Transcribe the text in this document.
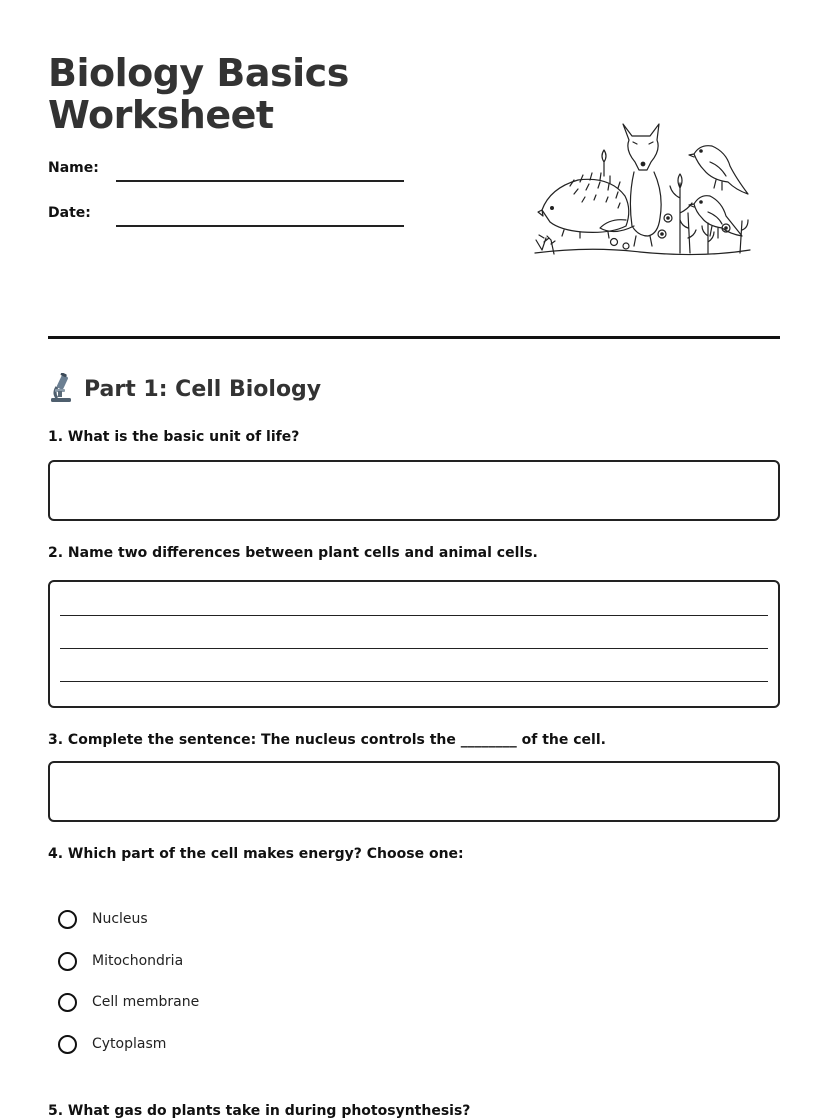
Biology Basics
Worksheet
Name:
Date:
Part 1: Cell Biology

1. What is the basic unit of life?

2. Name two differences between plant cells and animal cells.

3. Complete the sentence: The nucleus controls the ________ of the cell.

4. Which part of the cell makes energy? Choose one:

Nucleus
Mitochondria
Cell membrane
Cytoplasm

5. What gas do plants take in during photosynthesis?
